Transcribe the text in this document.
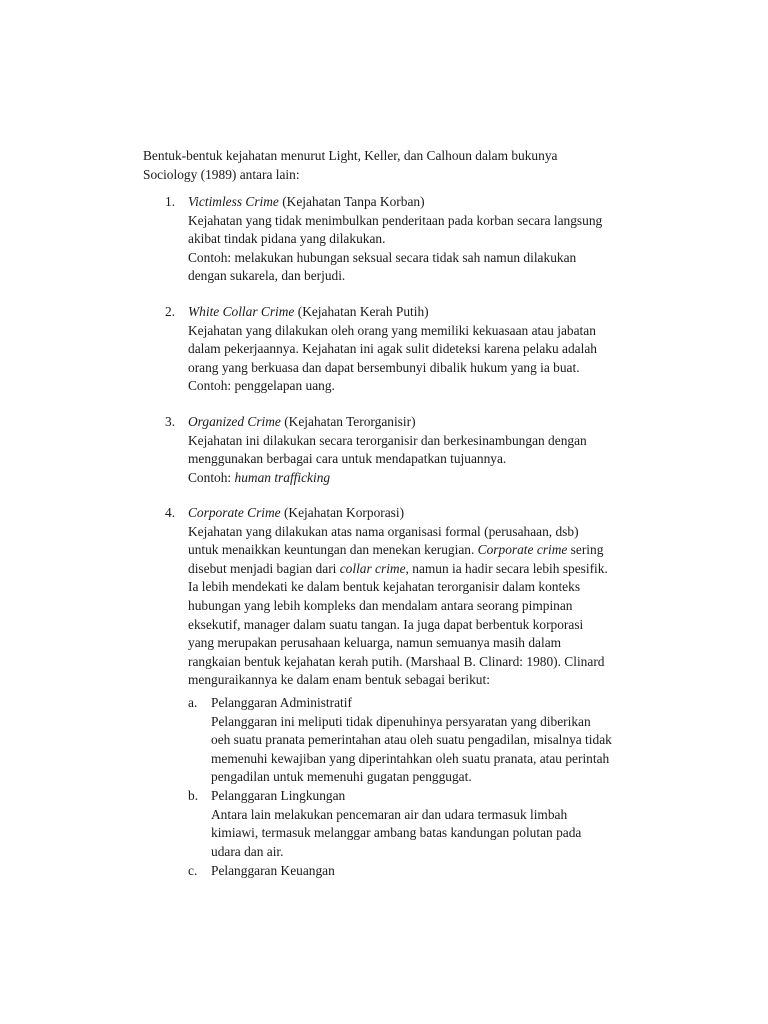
Bentuk-bentuk kejahatan menurut Light, Keller, dan Calhoun dalam bukunya

Sociology (1989) antara lain:

1. Victimless Crime (Kejahatan Tanpa Korban)

Kejahatan yang tidak menimbulkan penderitaan pada korban secara langsung

akibat tindak pidana yang dilakukan.

Contoh: melakukan hubungan seksual secara tidak sah namun dilakukan

dengan sukarela, dan berjudi.

2. White Collar Crime (Kejahatan Kerah Putih)

Kejahatan yang dilakukan oleh orang yang memiliki kekuasaan atau jabatan

dalam pekerjaannya. Kejahatan ini agak sulit dideteksi karena pelaku adalah

orang yang berkuasa dan dapat bersembunyi dibalik hukum yang ia buat.

Contoh: penggelapan uang.

3. Organized Crime (Kejahatan Terorganisir)

Kejahatan ini dilakukan secara terorganisir dan berkesinambungan dengan

menggunakan berbagai cara untuk mendapatkan tujuannya.

Contoh: human trafficking

4. Corporate Crime (Kejahatan Korporasi)

Kejahatan yang dilakukan atas nama organisasi formal (perusahaan, dsb)

untuk menaikkan keuntungan dan menekan kerugian. Corporate crime sering

disebut menjadi bagian dari collar crime, namun ia hadir secara lebih spesifik.

Ia lebih mendekati ke dalam bentuk kejahatan terorganisir dalam konteks

hubungan yang lebih kompleks dan mendalam antara seorang pimpinan

eksekutif, manager dalam suatu tangan. Ia juga dapat berbentuk korporasi

yang merupakan perusahaan keluarga, namun semuanya masih dalam

rangkaian bentuk kejahatan kerah putih. (Marshaal B. Clinard: 1980). Clinard

menguraikannya ke dalam enam bentuk sebagai berikut:

a. Pelanggaran Administratif

Pelanggaran ini meliputi tidak dipenuhinya persyaratan yang diberikan

oeh suatu pranata pemerintahan atau oleh suatu pengadilan, misalnya tidak

memenuhi kewajiban yang diperintahkan oleh suatu pranata, atau perintah

pengadilan untuk memenuhi gugatan penggugat.

b. Pelanggaran Lingkungan

Antara lain melakukan pencemaran air dan udara termasuk limbah

kimiawi, termasuk melanggar ambang batas kandungan polutan pada

udara dan air.

c. Pelanggaran Keuangan
